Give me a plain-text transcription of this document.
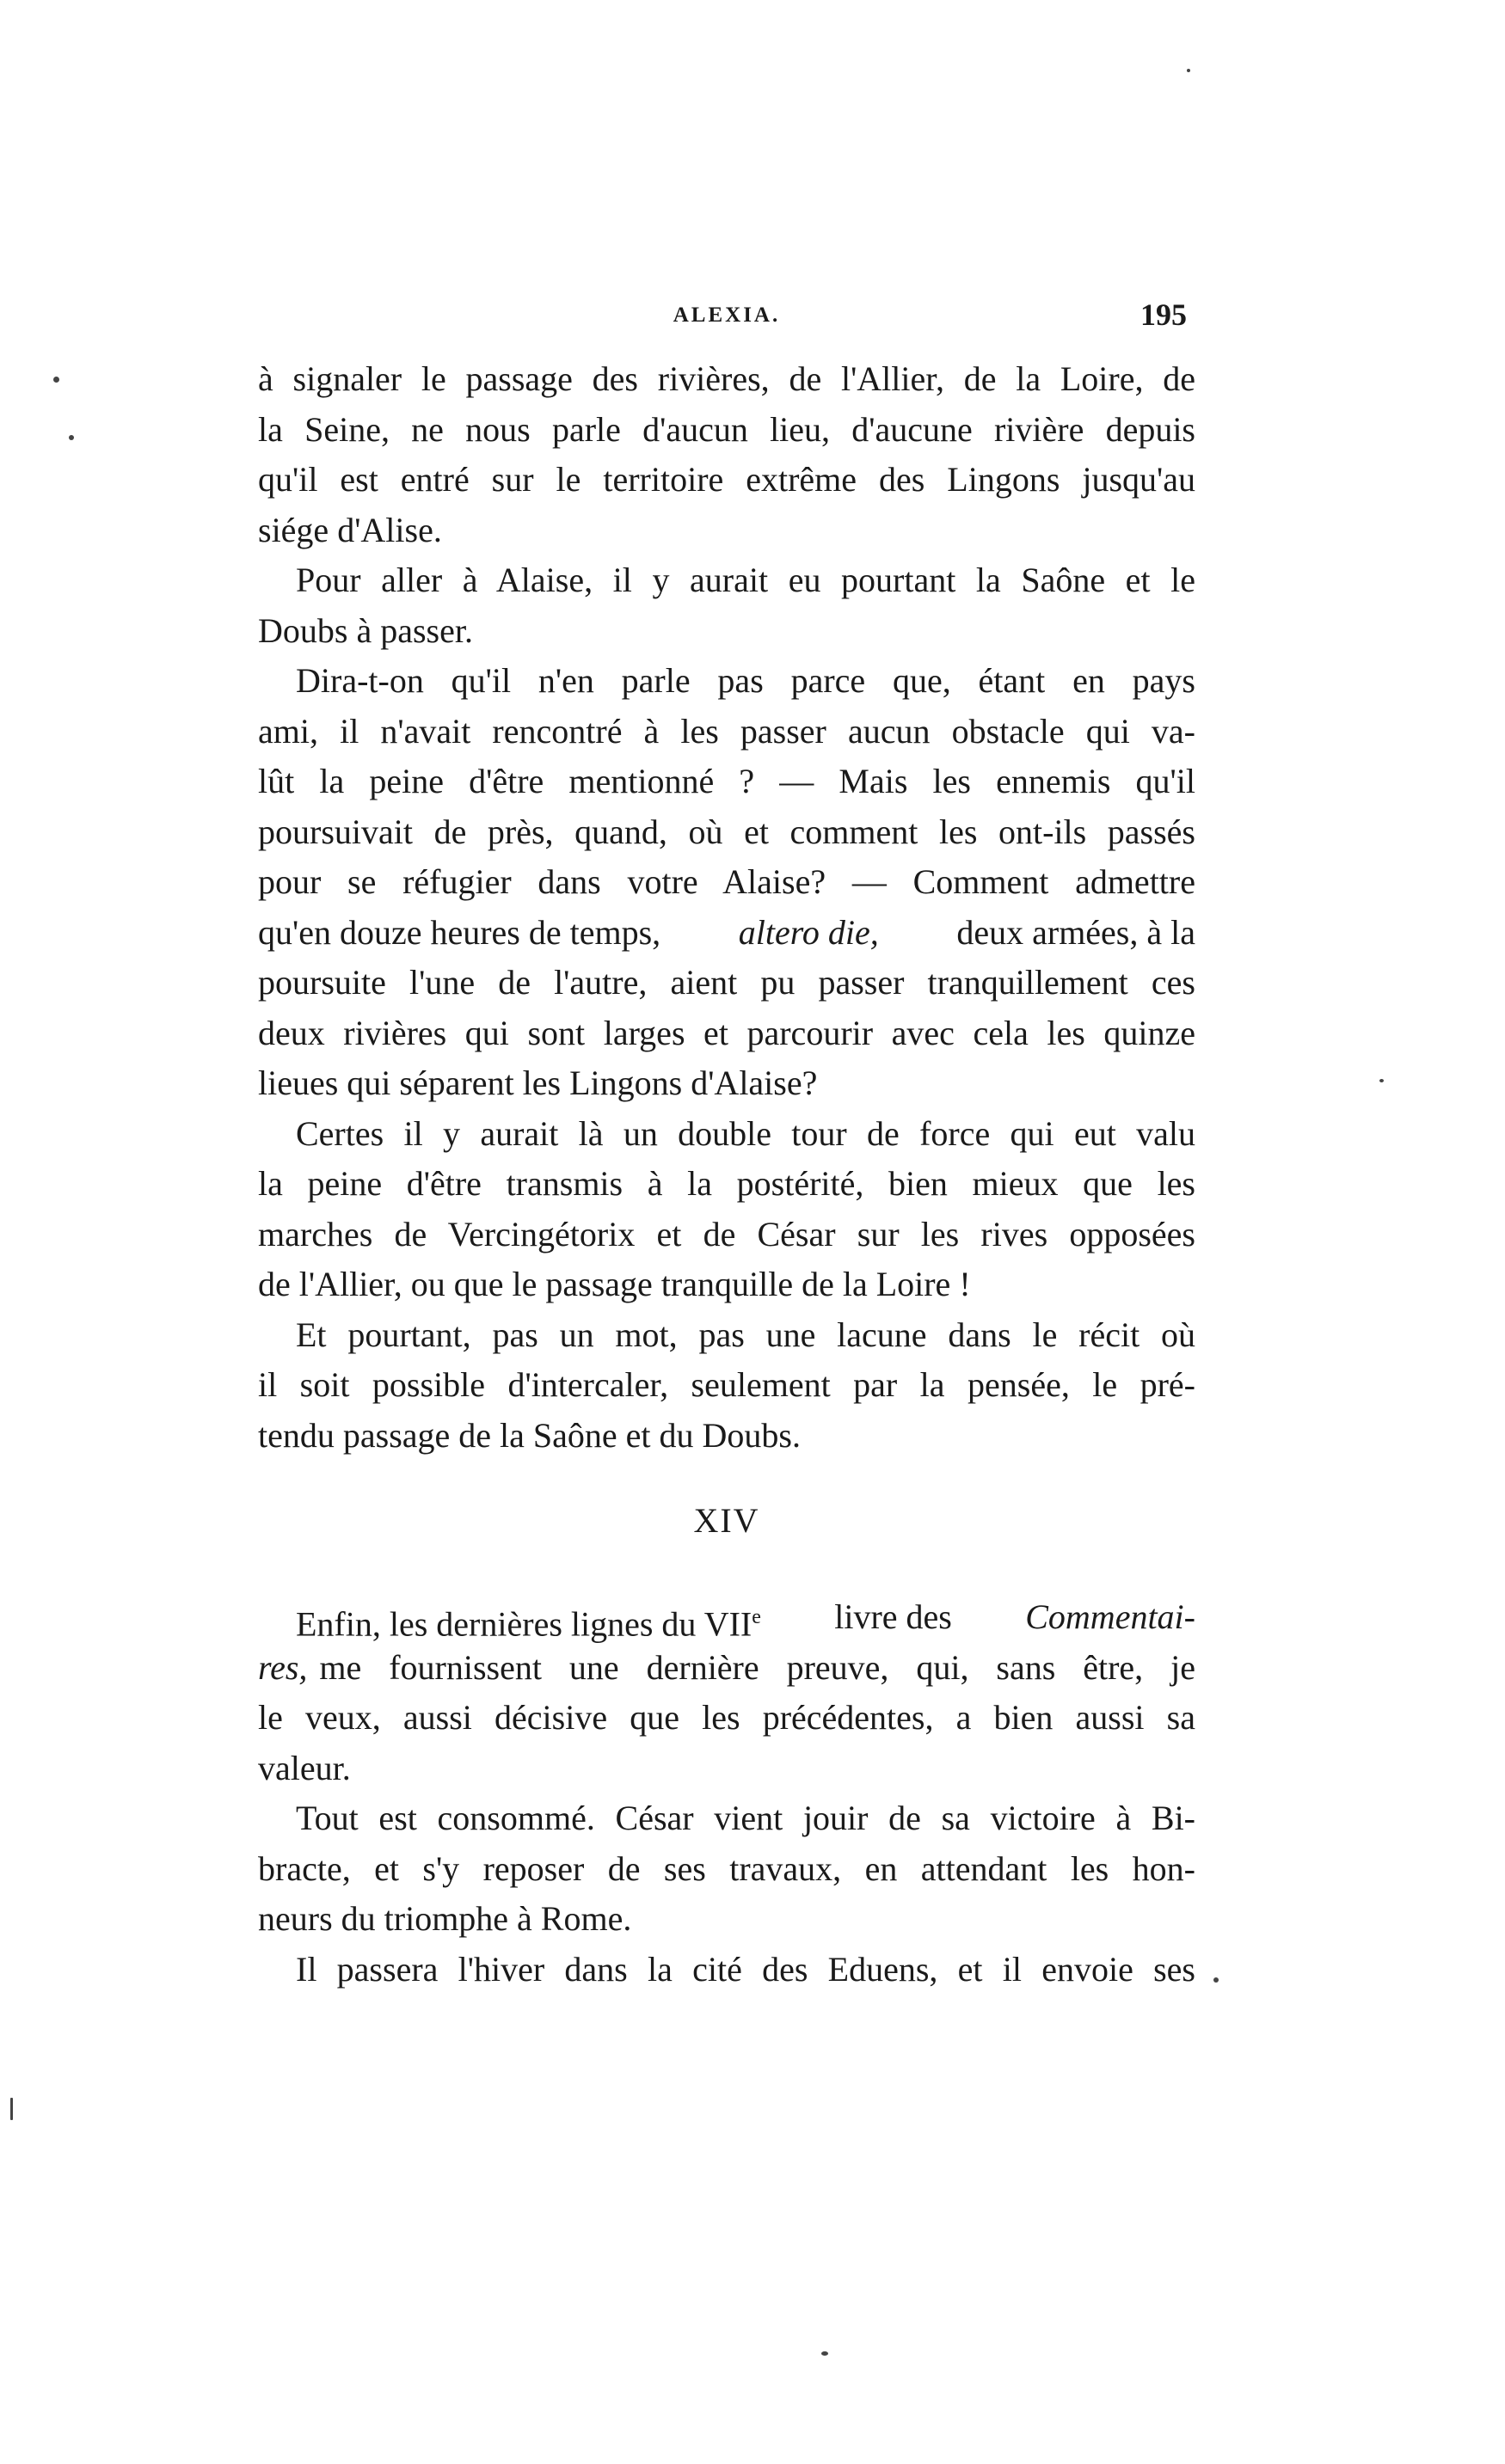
ALEXIA.	195
à signaler le passage des rivières, de l'Allier, de la Loire, de
la Seine, ne nous parle d'aucun lieu, d'aucune rivière depuis
qu'il est entré sur le territoire extrême des Lingons jusqu'au
siége d'Alise.
Pour aller à Alaise, il y aurait eu pourtant la Saône et le
Doubs à passer.
Dira-t-on qu'il n'en parle pas parce que, étant en pays
ami, il n'avait rencontré à les passer aucun obstacle qui va-
lût la peine d'être mentionné ? — Mais les ennemis qu'il
poursuivait de près, quand, où et comment les ont-ils passés
pour se réfugier dans votre Alaise? — Comment admettre
qu'en douze heures de temps, altero die, deux armées, à la
poursuite l'une de l'autre, aient pu passer tranquillement ces
deux rivières qui sont larges et parcourir avec cela les quinze
lieues qui séparent les Lingons d'Alaise?
Certes il y aurait là un double tour de force qui eut valu
la peine d'être transmis à la postérité, bien mieux que les
marches de Vercingétorix et de César sur les rives opposées
de l'Allier, ou que le passage tranquille de la Loire !
Et pourtant, pas un mot, pas une lacune dans le récit où
il soit possible d'intercaler, seulement par la pensée, le pré-
tendu passage de la Saône et du Doubs.
XIV
Enfin, les dernières lignes du VIIe livre des Commentai-
res, me fournissent une dernière preuve, qui, sans être, je
le veux, aussi décisive que les précédentes, a bien aussi sa
valeur.
Tout est consommé. César vient jouir de sa victoire à Bi-
bracte, et s'y reposer de ses travaux, en attendant les hon-
neurs du triomphe à Rome.
Il passera l'hiver dans la cité des Eduens, et il envoie ses
